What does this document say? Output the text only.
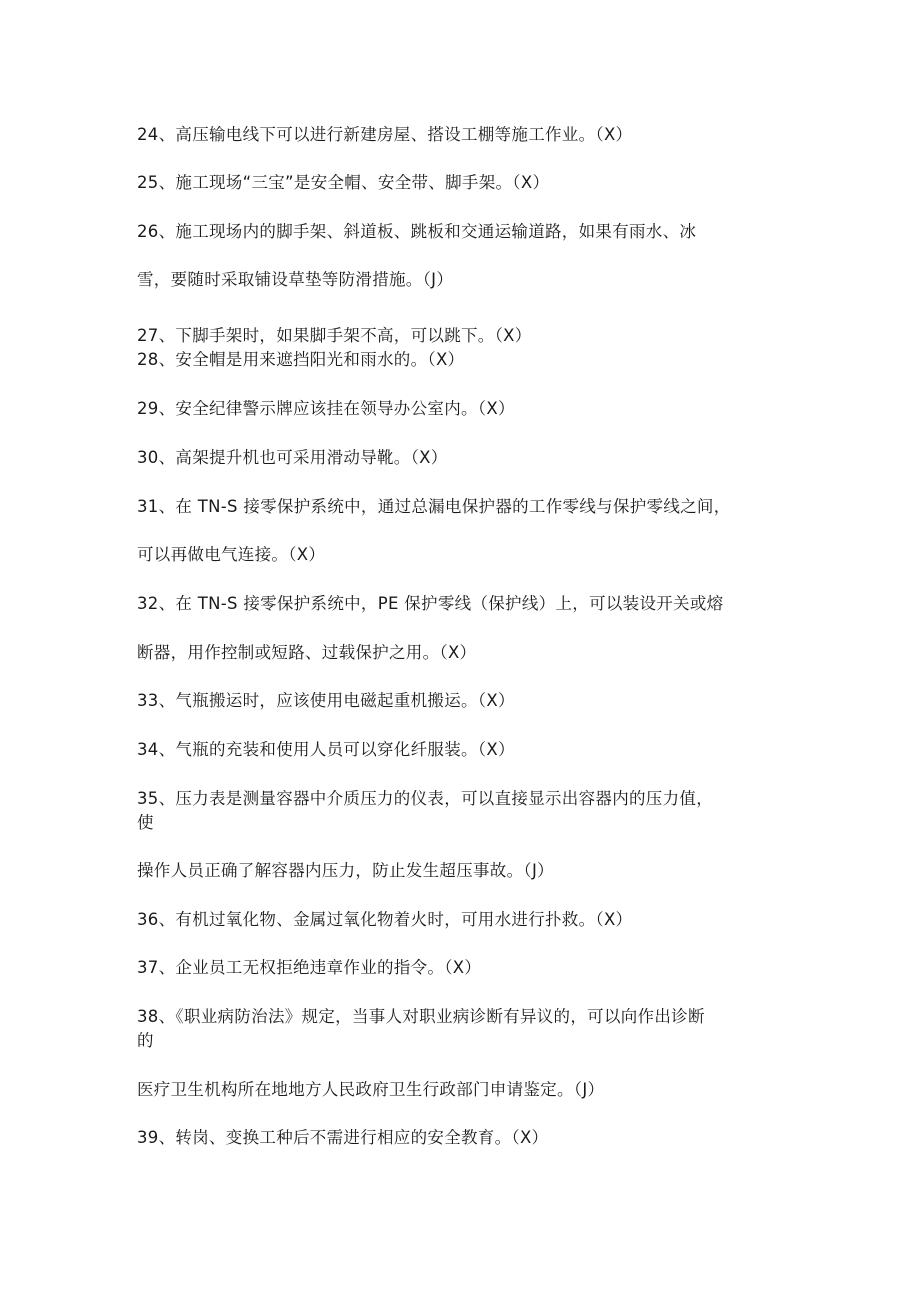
24、高压输电线下可以进行新建房屋、搭设工棚等施工作业。（X）
25、施工现场“三宝”是安全帽、安全带、脚手架。（X）
26、施工现场内的脚手架、斜道板、跳板和交通运输道路，如果有雨水、冰
雪，要随时采取铺设草垫等防滑措施。（J）
27、下脚手架时，如果脚手架不高，可以跳下。（X）
28、安全帽是用来遮挡阳光和雨水的。（X）
29、安全纪律警示牌应该挂在领导办公室内。（X）
30、高架提升机也可采用滑动导靴。（X）
31、在 TN-S 接零保护系统中，通过总漏电保护器的工作零线与保护零线之间，
可以再做电气连接。（X）
32、在 TN-S 接零保护系统中，PE 保护零线（保护线）上，可以装设开关或熔
断器，用作控制或短路、过载保护之用。（X）
33、气瓶搬运时，应该使用电磁起重机搬运。（X）
34、气瓶的充装和使用人员可以穿化纤服装。（X）
35、压力表是测量容器中介质压力的仪表，可以直接显示出容器内的压力值，
使
操作人员正确了解容器内压力，防止发生超压事故。（J）
36、有机过氧化物、金属过氧化物着火时，可用水进行扑救。（X）
37、企业员工无权拒绝违章作业的指令。（X）
38、《职业病防治法》规定，当事人对职业病诊断有异议的，可以向作出诊断
的
医疗卫生机构所在地地方人民政府卫生行政部门申请鉴定。（J）
39、转岗、变换工种后不需进行相应的安全教育。（X）
